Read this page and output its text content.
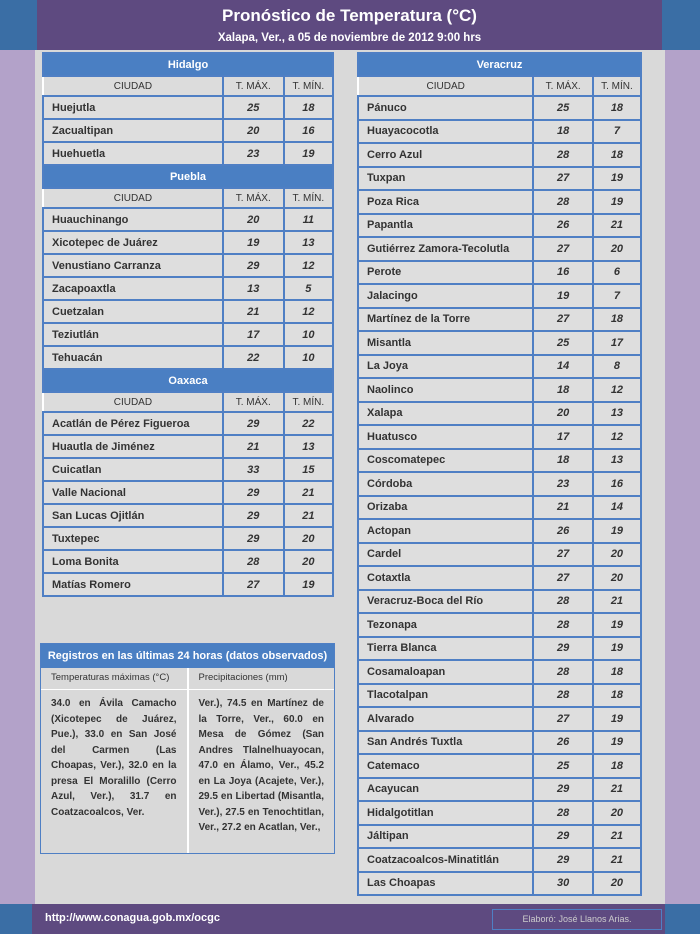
Pronóstico de Temperatura (°C)
Xalapa, Ver., a 05 de noviembre de 2012 9:00 hrs
Hidalgo		
CIUDAD	T. MÁX.	T. MÍN.
Huejutla	25	18
Zacualtipan	20	16
Huehuetla	23	19
Puebla		
CIUDAD	T. MÁX.	T. MÍN.
Huauchinango	20	11
Xicotepec de Juárez	19	13
Venustiano Carranza	29	12
Zacapoaxtla	13	5
Cuetzalan	21	12
Teziutlán	17	10
Tehuacán	22	10
Oaxaca		
CIUDAD	T. MÁX.	T. MÍN.
Acatlán de Pérez Figueroa	29	22
Huautla de Jiménez	21	13
Cuicatlan	33	15
Valle Nacional	29	21
San Lucas Ojitlán	29	21
Tuxtepec	29	20
Loma Bonita	28	20
Matías Romero	27	19
Veracruz		
CIUDAD	T. MÁX.	T. MÍN.
Pánuco	25	18
Huayacocotla	18	7
Cerro Azul	28	18
Tuxpan	27	19
Poza Rica	28	19
Papantla	26	21
Gutiérrez Zamora-Tecolutla	27	20
Perote	16	6
Jalacingo	19	7
Martínez de la Torre	27	18
Misantla	25	17
La Joya	14	8
Naolinco	18	12
Xalapa	20	13
Huatusco	17	12
Coscomatepec	18	13
Córdoba	23	16
Orizaba	21	14
Actopan	26	19
Cardel	27	20
Cotaxtla	27	20
Veracruz-Boca del Río	28	21
Tezonapa	28	19
Tierra Blanca	29	19
Cosamaloapan	28	18
Tlacotalpan	28	18
Alvarado	27	19
San Andrés Tuxtla	26	19
Catemaco	25	18
Acayucan	29	21
Hidalgotitlan	28	20
Jáltipan	29	21
Coatzacoalcos-Minatitlán	29	21
Las Choapas	30	20
Registros en las últimas 24 horas (datos observados)
Temperaturas máximas (°C)
34.0 en Ávila Camacho (Xicotepec de Juárez, Pue.), 33.0 en San José del Carmen (Las Choapas, Ver.), 32.0 en la presa El Moralillo (Cerro Azul, Ver.), 31.7 en Coatzacoalcos, Ver.
Precipitaciones (mm)
Ver.), 74.5 en Martínez de la Torre, Ver., 60.0 en Mesa de Gómez (San Andres Tlalnelhuayocan, 47.0 en Álamo, Ver., 45.2 en La Joya (Acajete, Ver.), 29.5 en Libertad (Misantla, Ver.), 27.5 en Tenochtitlan, Ver., 27.2 en Acatlan, Ver.,
http://www.conagua.gob.mx/ocgc	Elaboró: José Llanos Arias.
